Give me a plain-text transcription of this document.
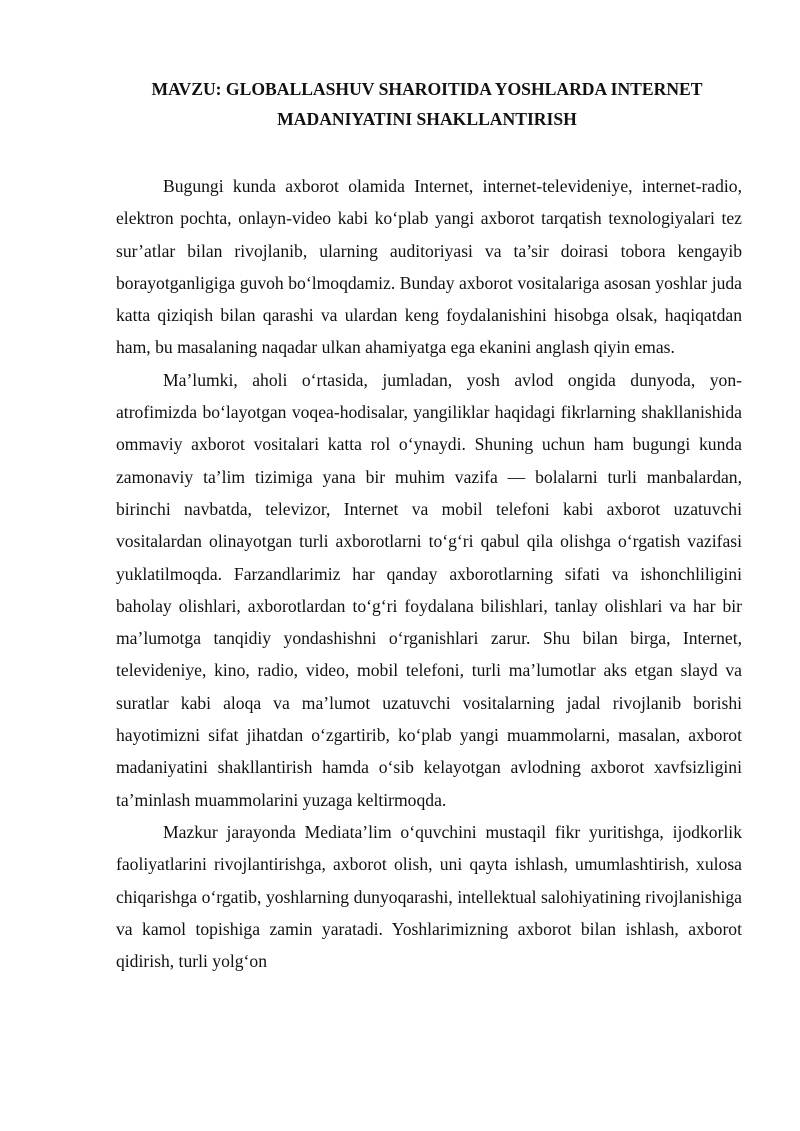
MAVZU: GLOBALLASHUV SHAROITIDA YOSHLARDA INTERNET
MADANIYATINI SHAKLLANTIRISH

Bugungi kunda axborot olamida Internet, internet-televideniye, internet-radio, elektron pochta, onlayn-video kabi koʻplab yangi axborot tarqatish texnologiyalari tez sur’atlar bilan rivojlanib, ularning auditoriyasi va ta’sir doirasi tobora kengayib borayotganligiga guvoh boʻlmoqdamiz. Bunday axborot vositalariga asosan yoshlar juda katta qiziqish bilan qarashi va ulardan keng foydalanishini hisobga olsak, haqiqatdan ham, bu masalaning naqadar ulkan ahamiyatga ega ekanini anglash qiyin emas.

Ma’lumki, aholi oʻrtasida, jumladan, yosh avlod ongida dunyoda, yon-atrofimizda boʻlayotgan voqea-hodisalar, yangiliklar haqidagi fikrlarning shakllanishida ommaviy axborot vositalari katta rol oʻynaydi. Shuning uchun ham bugungi kunda zamonaviy ta’lim tizimiga yana bir muhim vazifa — bolalarni turli manbalardan, birinchi navbatda, televizor, Internet va mobil telefoni kabi axborot uzatuvchi vositalardan olinayotgan turli axborotlarni toʻgʻri qabul qila olishga oʻrgatish vazifasi yuklatilmoqda. Farzandlarimiz har qanday axborotlarning sifati va ishonchliligini baholay olishlari, axborotlardan toʻgʻri foydalana bilishlari, tanlay olishlari va har bir ma’lumotga tanqidiy yondashishni oʻrganishlari zarur. Shu bilan birga, Internet, televideniye, kino, radio, video, mobil telefoni, turli ma’lumotlar aks etgan slayd va suratlar kabi aloqa va ma’lumot uzatuvchi vositalarning jadal rivojlanib borishi hayotimizni sifat jihatdan oʻzgartirib, koʻplab yangi muammolarni, masalan, axborot madaniyatini shakllantirish hamda oʻsib kelayotgan avlodning axborot xavfsizligini ta’minlash muammolarini yuzaga keltirmoqda.

Mazkur jarayonda Mediata’lim oʻquvchini mustaqil fikr yuritishga, ijodkorlik faoliyatlarini rivojlantirishga, axborot olish, uni qayta ishlash, umumlashtirish, xulosa chiqarishga oʻrgatib, yoshlarning dunyoqarashi, intellektual salohiyatining rivojlanishiga va kamol topishiga zamin yaratadi. Yoshlarimizning axborot bilan ishlash, axborot qidirish, turli yolgʻon
